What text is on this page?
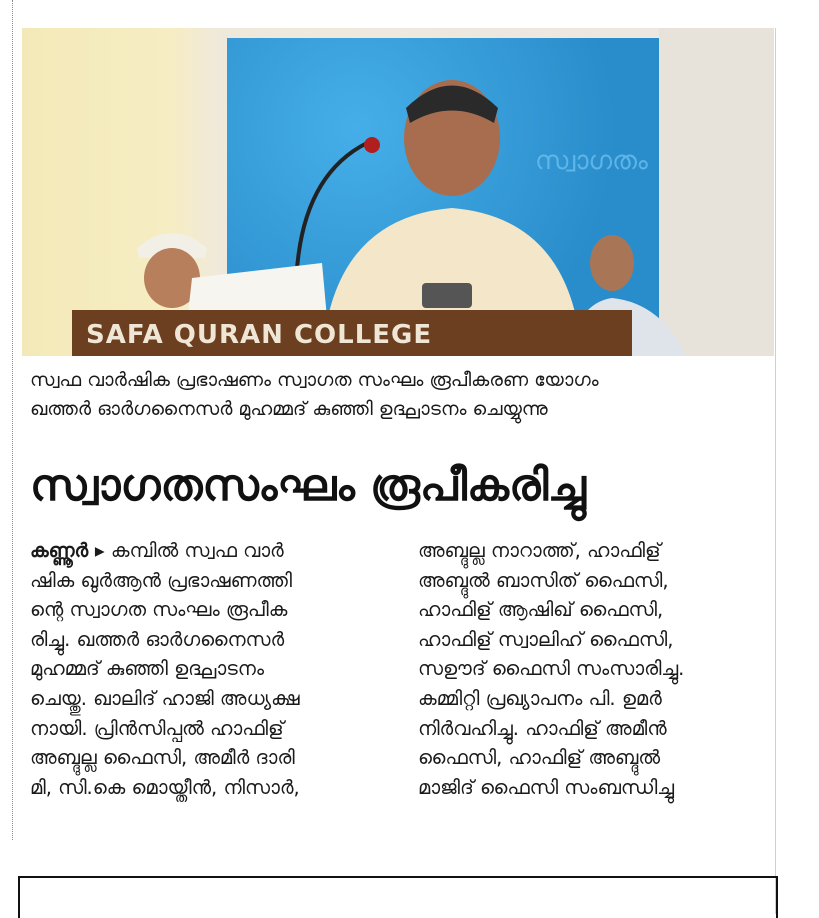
സ്വാഗതം
SAFA QURAN COLLEGE
സ്വഫ വാർഷിക പ്രഭാഷണം സ്വാഗത സംഘം രൂപീകരണ യോഗം
ഖത്തർ ഓർഗനൈസർ മുഹമ്മദ് കുഞ്ഞി ഉദ്ഘാടനം ചെയ്യുന്നു
സ്വാഗതസംഘം രൂപീകരിച്ചു
കണ്ണൂർ ▸ കമ്പിൽ സ്വഫ വാർ
ഷിക ഖുർആൻ പ്രഭാഷണത്തി
ന്റെ സ്വാഗത സംഘം രൂപീക
രിച്ചു. ഖത്തർ ഓർഗനൈസർ
മുഹമ്മദ് കുഞ്ഞി ഉദ്ഘാടനം
ചെയ്തു. ഖാലിദ് ഹാജി അധ്യക്ഷ
നായി. പ്രിൻസിപ്പൽ ഹാഫിള്
അബ്ദുല്ല ഫൈസി, അമീർ ദാരി
മി, സി.കെ മൊയ്തീൻ, നിസാർ,
അബ്ദുല്ല നാറാത്ത്, ഹാഫിള്
അബ്ദുൽ ബാസിത് ഫൈസി,
ഹാഫിള് ആഷിഖ് ഫൈസി,
ഹാഫിള് സ്വാലിഹ് ഫൈസി,
സഊദ് ഫൈസി സംസാരിച്ചു.
കമ്മിറ്റി പ്രഖ്യാപനം പി. ഉമർ
നിർവഹിച്ചു. ഹാഫിള് അമീൻ
ഫൈസി, ഹാഫിള് അബ്ദുൽ
മാജിദ് ഫൈസി സംബന്ധിച്ചു
